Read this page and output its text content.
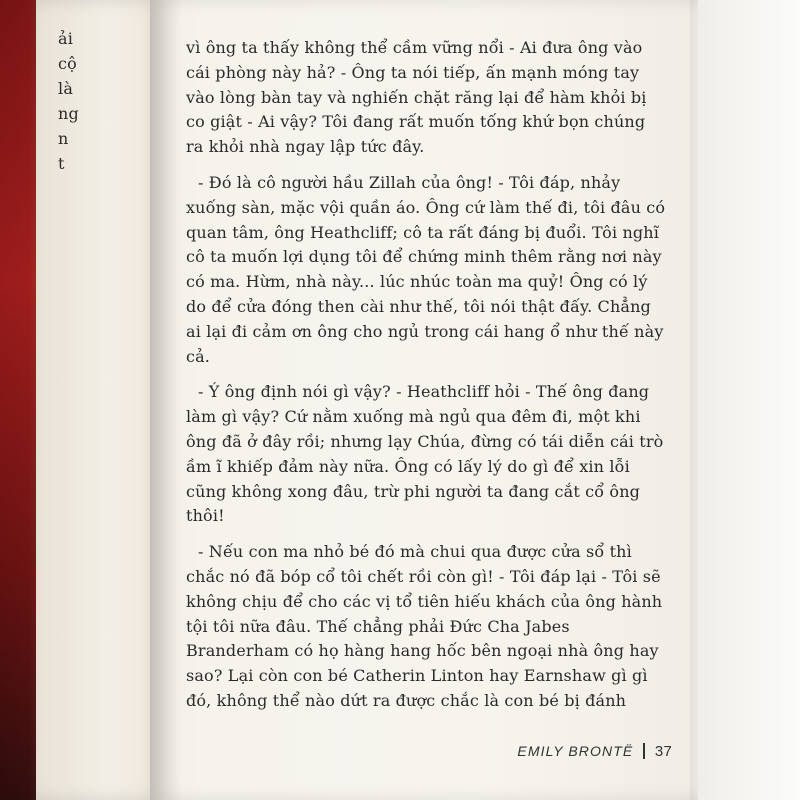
ải
cộ
là
ng
n
t

vì ông ta thấy không thể cầm vững nổi - Ai đưa ông vào cái phòng này hả? - Ông ta nói tiếp, ấn mạnh móng tay vào lòng bàn tay và nghiến chặt răng lại để hàm khỏi bị co giật - Ai vậy? Tôi đang rất muốn tống khứ bọn chúng ra khỏi nhà ngay lập tức đây.

- Đó là cô người hầu Zillah của ông! - Tôi đáp, nhảy xuống sàn, mặc vội quần áo. Ông cứ làm thế đi, tôi đâu có quan tâm, ông Heathcliff; cô ta rất đáng bị đuổi. Tôi nghĩ cô ta muốn lợi dụng tôi để chứng minh thêm rằng nơi này có ma. Hừm, nhà này... lúc nhúc toàn ma quỷ! Ông có lý do để cửa đóng then cài như thế, tôi nói thật đấy. Chẳng ai lại đi cảm ơn ông cho ngủ trong cái hang ổ như thế này cả.

- Ý ông định nói gì vậy? - Heathcliff hỏi - Thế ông đang làm gì vậy? Cứ nằm xuống mà ngủ qua đêm đi, một khi ông đã ở đây rồi; nhưng lạy Chúa, đừng có tái diễn cái trò ầm ĩ khiếp đảm này nữa. Ông có lấy lý do gì để xin lỗi cũng không xong đâu, trừ phi người ta đang cắt cổ ông thôi!

- Nếu con ma nhỏ bé đó mà chui qua được cửa sổ thì chắc nó đã bóp cổ tôi chết rồi còn gì! - Tôi đáp lại - Tôi sẽ không chịu để cho các vị tổ tiên hiếu khách của ông hành tội tôi nữa đâu. Thế chẳng phải Đức Cha Jabes Branderham có họ hàng hang hốc bên ngoại nhà ông hay sao? Lại còn con bé Catherin Linton hay Earnshaw gì gì đó, không thể nào dứt ra được chắc là con bé bị đánh

EMILY BRONTË 37
